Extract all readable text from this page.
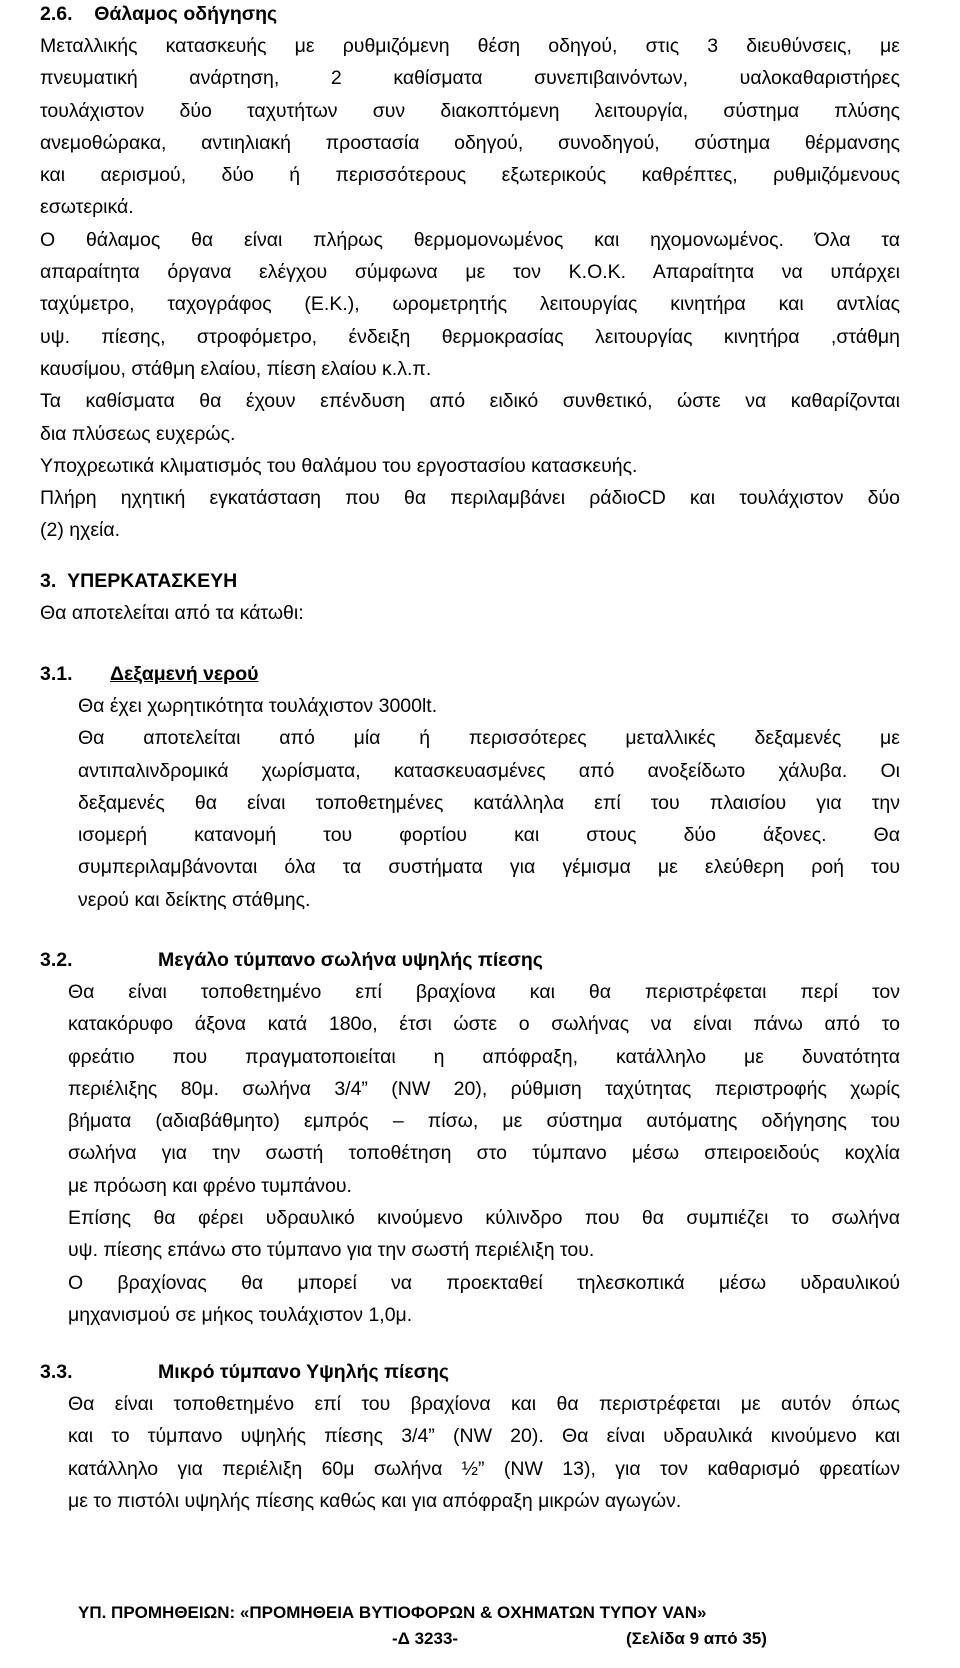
2.6. Θάλαμος οδήγησης
Μεταλλικής κατασκευής με ρυθμιζόμενη θέση οδηγού, στις 3 διευθύνσεις, με
πνευματική ανάρτηση, 2 καθίσματα συνεπιβαινόντων, υαλοκαθαριστήρες
τουλάχιστον δύο ταχυτήτων συν διακοπτόμενη λειτουργία, σύστημα πλύσης
ανεμοθώρακα, αντιηλιακή προστασία οδηγού, συνοδηγού, σύστημα θέρμανσης
και αερισμού, δύο ή περισσότερους εξωτερικούς καθρέπτες, ρυθμιζόμενους
εσωτερικά.
Ο θάλαμος θα είναι πλήρως θερμομονωμένος και ηχομονωμένος. Όλα τα
απαραίτητα όργανα ελέγχου σύμφωνα με τον Κ.Ο.Κ. Απαραίτητα να υπάρχει
ταχύμετρο, ταχογράφος (Ε.Κ.), ωρομετρητής λειτουργίας κινητήρα και αντλίας
υψ. πίεσης, στροφόμετρο, ένδειξη θερμοκρασίας λειτουργίας κινητήρα ,στάθμη
καυσίμου, στάθμη ελαίου, πίεση ελαίου κ.λ.π.
Τα καθίσματα θα έχουν επένδυση από ειδικό συνθετικό, ώστε να καθαρίζονται
δια πλύσεως ευχερώς.
Υποχρεωτικά κλιματισμός του θαλάμου του εργοστασίου κατασκευής.
Πλήρη ηχητική εγκατάσταση που θα περιλαμβάνει ράδιοCD και τουλάχιστον δύο
(2) ηχεία.
3. ΥΠΕΡΚΑΤΑΣΚΕΥΗ
Θα αποτελείται από τα κάτωθι:
3.1. Δεξαμενή νερού
Θα έχει χωρητικότητα τουλάχιστον 3000lt.
Θα αποτελείται από μία ή περισσότερες μεταλλικές δεξαμενές με
αντιπαλινδρομικά χωρίσματα, κατασκευασμένες από ανοξείδωτο χάλυβα. Οι
δεξαμενές θα είναι τοποθετημένες κατάλληλα επί του πλαισίου για την
ισομερή κατανομή του φορτίου και στους δύο άξονες. Θα
συμπεριλαμβάνονται όλα τα συστήματα για γέμισμα με ελεύθερη ροή του
νερού και δείκτης στάθμης.
3.2.	Μεγάλο τύμπανο σωλήνα υψηλής πίεσης
Θα είναι τοποθετημένο επί βραχίονα και θα περιστρέφεται περί τον
κατακόρυφο άξονα κατά 180ο, έτσι ώστε ο σωλήνας να είναι πάνω από το
φρεάτιο που πραγματοποιείται η απόφραξη, κατάλληλο με δυνατότητα
περιέλιξης 80μ. σωλήνα 3/4” (NW 20), ρύθμιση ταχύτητας περιστροφής χωρίς
βήματα (αδιαβάθμητο) εμπρός – πίσω, με σύστημα αυτόματης οδήγησης του
σωλήνα για την σωστή τοποθέτηση στο τύμπανο μέσω σπειροειδούς κοχλία
με πρόωση και φρένο τυμπάνου.
Επίσης θα φέρει υδραυλικό κινούμενο κύλινδρο που θα συμπιέζει το σωλήνα
υψ. πίεσης επάνω στο τύμπανο για την σωστή περιέλιξη του.
Ο βραχίονας θα μπορεί να προεκταθεί τηλεσκοπικά μέσω υδραυλικού
μηχανισμού σε μήκος τουλάχιστον 1,0μ.
3.3.	Μικρό τύμπανο Υψηλής πίεσης
Θα είναι τοποθετημένο επί του βραχίονα και θα περιστρέφεται με αυτόν όπως
και το τύμπανο υψηλής πίεσης 3/4” (NW 20). Θα είναι υδραυλικά κινούμενο και
κατάλληλο για περιέλιξη 60μ σωλήνα ½” (NW 13), για τον καθαρισμό φρεατίων
με το πιστόλι υψηλής πίεσης καθώς και για απόφραξη μικρών αγωγών.
ΥΠ. ΠΡΟΜΗΘΕΙΩΝ: «ΠΡΟΜΗΘΕΙΑ ΒΥΤΙΟΦΟΡΩΝ & ΟΧΗΜΑΤΩΝ ΤΥΠΟΥ VAN»
-Δ 3233-	(Σελίδα 9 από 35)
